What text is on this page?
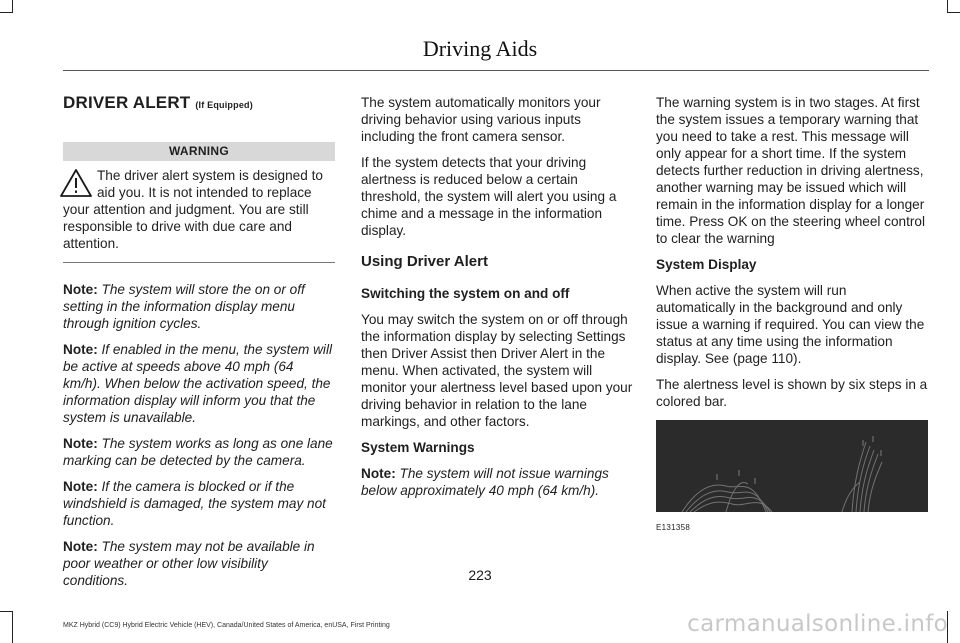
Driving Aids
DRIVER ALERT (If Equipped)
WARNING
The driver alert system is designed to aid you. It is not intended to replace your attention and judgment. You are still responsible to drive with due care and attention.

Note: The system will store the on or off setting in the information display menu through ignition cycles.

Note: If enabled in the menu, the system will be active at speeds above 40 mph (64 km/h). When below the activation speed, the information display will inform you that the system is unavailable.

Note: The system works as long as one lane marking can be detected by the camera.

Note: If the camera is blocked or if the windshield is damaged, the system may not function.

Note: The system may not be available in poor weather or other low visibility conditions.

The system automatically monitors your driving behavior using various inputs including the front camera sensor.

If the system detects that your driving alertness is reduced below a certain threshold, the system will alert you using a chime and a message in the information display.

Using Driver Alert
Switching the system on and off

You may switch the system on or off through the information display by selecting Settings then Driver Assist then Driver Alert in the menu. When activated, the system will monitor your alertness level based upon your driving behavior in relation to the lane markings, and other factors.

System Warnings

Note: The system will not issue warnings below approximately 40 mph (64 km/h).

The warning system is in two stages. At first the system issues a temporary warning that you need to take a rest. This message will only appear for a short time. If the system detects further reduction in driving alertness, another warning may be issued which will remain in the information display for a longer time. Press OK on the steering wheel control to clear the warning

System Display

When active the system will run automatically in the background and only issue a warning if required. You can view the status at any time using the information display. See (page 110).

The alertness level is shown by six steps in a colored bar.

E131358
223
MKZ Hybrid (CC9) Hybrid Electric Vehicle (HEV), Canada/United States of America, enUSA, First Printing	carmanualsonline.info
